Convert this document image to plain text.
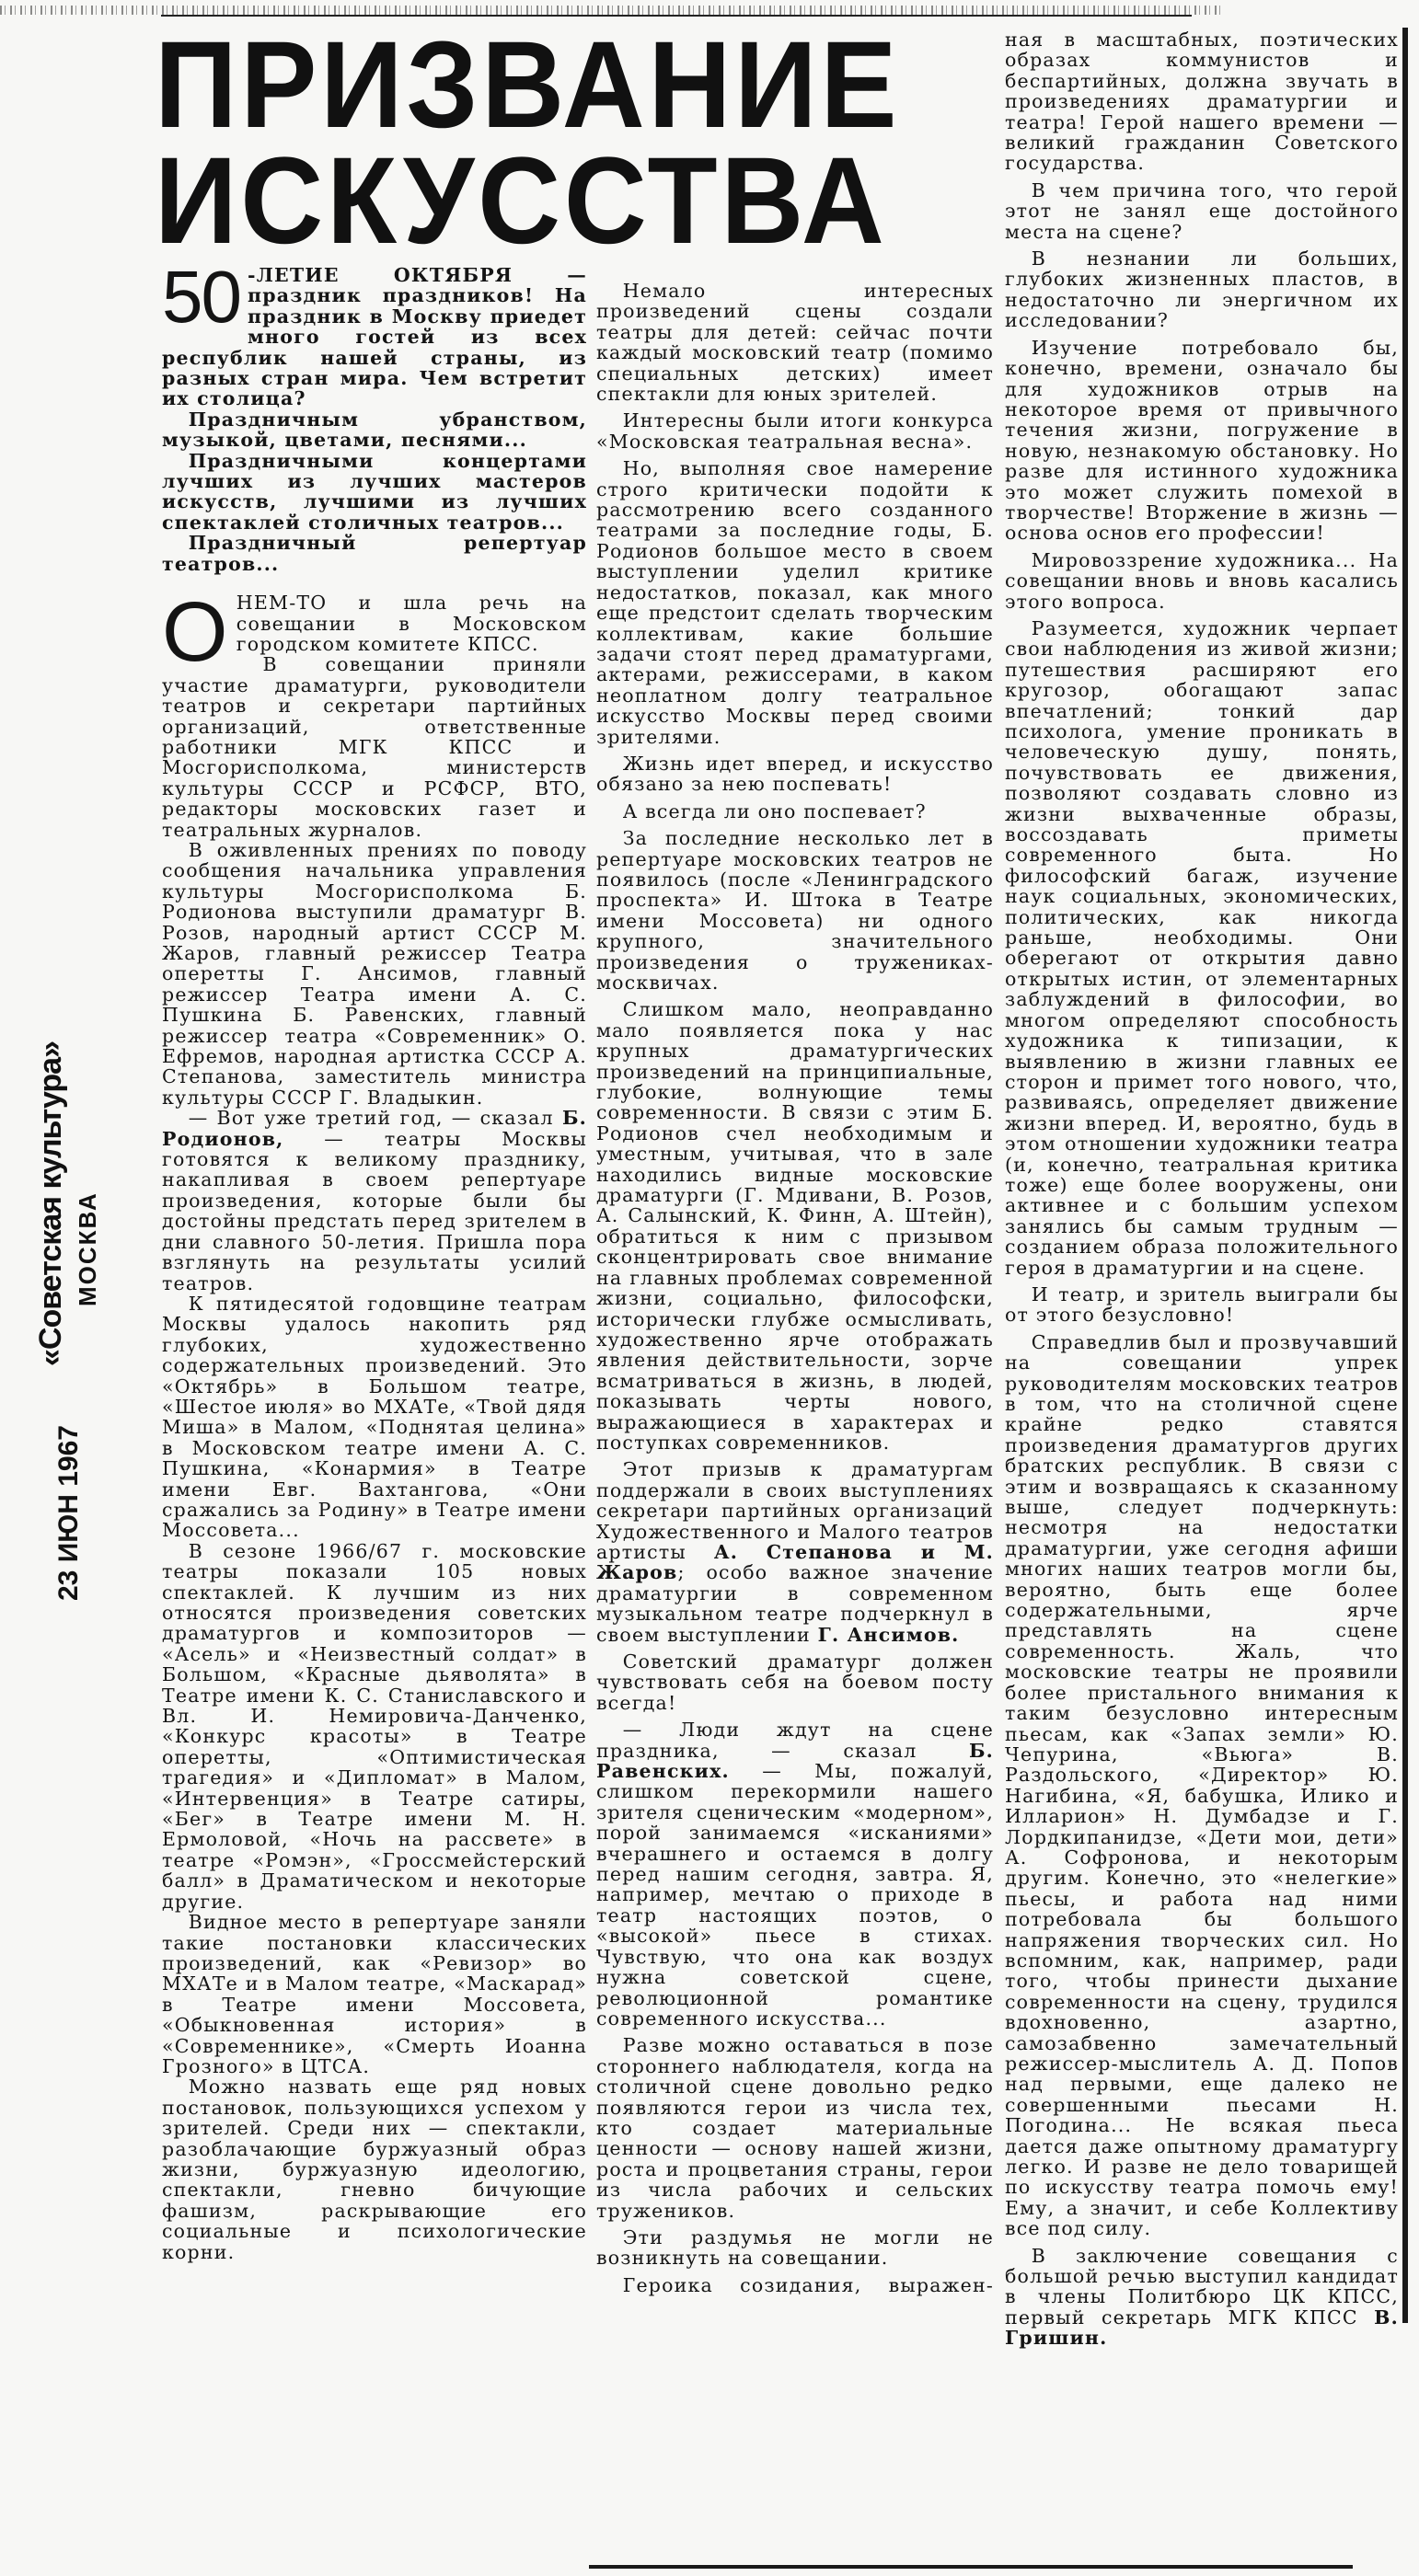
ПРИЗВАНИЕ
ИСКУССТВА
«Советская культура» МОСКВА
23 ИЮН 1967

50 -ЛЕТИЕ ОКТЯБРЯ — праздник праздников! На праздник в Москву приедет много гостей из всех республик нашей страны, из разных стран мира. Чем встретит их столица?

Праздничным убранством, музыкой, цветами, песнями...

Праздничными концертами лучших из лучших мастеров искусств, лучшими из лучших спектаклей столичных театров...

Праздничный репертуар театров...

ОНЕМ-ТО и шла речь на совещании в Московском городском комитете КПСС.

В совещании приняли участие драматурги, руководители театров и секретари партийных организаций, ответственные работники МГК КПСС и Мосгорисполкома, министерств культуры СССР и РСФСР, ВТО, редакторы московских газет и театральных журналов.

В оживленных прениях по поводу сообщения начальника управления культуры Мосгорисполкома Б. Родионова выступили драматург В. Розов, народный артист СССР М. Жаров, главный режиссер Театра оперетты Г. Ансимов, главный режиссер Театра имени А. С. Пушкина Б. Равенских, главный режиссер театра «Современник» О. Ефремов, народная артистка СССР А. Степанова, заместитель министра культуры СССР Г. Владыкин.

— Вот уже третий год, — сказал Б. Родионов, — театры Москвы готовятся к великому празднику, накапливая в своем репертуаре произведения, которые были бы достойны предстать перед зрителем в дни славного 50-летия. Пришла пора взглянуть на результаты усилий театров.

К пятидесятой годовщине театрам Москвы удалось накопить ряд глубоких, художественно содержательных произведений. Это «Октябрь» в Большом театре, «Шестое июля» во МХАТе, «Твой дядя Миша» в Малом, «Поднятая целина» в Московском театре имени А. С. Пушкина, «Конармия» в Театре имени Евг. Вахтангова, «Они сражались за Родину» в Театре имени Моссовета...

В сезоне 1966/67 г. московские театры показали 105 новых спектаклей. К лучшим из них относятся произведения советских драматургов и композиторов — «Асель» и «Неизвестный солдат» в Большом, «Красные дьяволята» в Театре имени К. С. Станиславского и Вл. И. Немировича-Данченко, «Конкурс красоты» в Театре оперетты, «Оптимистическая трагедия» и «Дипломат» в Малом, «Интервенция» в Театре сатиры, «Бег» в Театре имени М. Н. Ермоловой, «Ночь на рассвете» в театре «Ромэн», «Гроссмейстерский балл» в Драматическом и некоторые другие.

Видное место в репертуаре заняли такие постановки классических произведений, как «Ревизор» во МХАТе и в Малом театре, «Маскарад» в Театре имени Моссовета, «Обыкновенная история» в «Современнике», «Смерть Иоанна Грозного» в ЦТСА.

Можно назвать еще ряд новых постановок, пользующихся успехом у зрителей. Среди них — спектакли, разоблачающие буржуазный образ жизни, буржуазную идеологию, спектакли, гневно бичующие фашизм, раскрывающие его социальные и психологические корни.

Немало интересных произведений сцены создали театры для детей: сейчас почти каждый московский театр (помимо специальных детских) имеет спектакли для юных зрителей.

Интересны были итоги конкурса «Московская театральная весна».

Но, выполняя свое намерение строго критически подойти к рассмотрению всего созданного театрами за последние годы, Б. Родионов большое место в своем выступлении уделил критике недостатков, показал, как много еще предстоит сделать творческим коллективам, какие большие задачи стоят перед драматургами, актерами, режиссерами, в каком неоплатном долгу театральное искусство Москвы перед своими зрителями.

Жизнь идет вперед, и искусство обязано за нею поспевать!

А всегда ли оно поспевает?

За последние несколько лет в репертуаре московских театров не появилось (после «Ленинградского проспекта» И. Штока в Театре имени Моссовета) ни одного крупного, значительного произведения о тружениках-москвичах.

Слишком мало, неоправданно мало появляется пока у нас крупных драматургических произведений на принципиальные, глубокие, волнующие темы современности. В связи с этим Б. Родионов счел необходимым и уместным, учитывая, что в зале находились видные московские драматурги (Г. Мдивани, В. Розов, А. Салынский, К. Финн, А. Штейн), обратиться к ним с призывом сконцентрировать свое внимание на главных проблемах современной жизни, социально, философски, исторически глубже осмысливать, художественно ярче отображать явления действительности, зорче всматриваться в жизнь, в людей, показывать черты нового, выражающиеся в характерах и поступках современников.

Этот призыв к драматургам поддержали в своих выступлениях секретари партийных организаций Художественного и Малого театров артисты А. Степанова и М. Жаров; особо важное значение драматургии в современном музыкальном театре подчеркнул в своем выступлении Г. Ансимов.

Советский драматург должен чувствовать себя на боевом посту всегда!

— Люди ждут на сцене праздника, — сказал Б. Равенских. — Мы, пожалуй, слишком перекормили нашего зрителя сценическим «модерном», порой занимаемся «исканиями» вчерашнего и остаемся в долгу перед нашим сегодня, завтра. Я, например, мечтаю о приходе в театр настоящих поэтов, о «высокой» пьесе в стихах. Чувствую, что она как воздух нужна советской сцене, революционной романтике современного искусства...

Разве можно оставаться в позе стороннего наблюдателя, когда на столичной сцене довольно редко появляются герои из числа тех, кто создает материальные ценности — основу нашей жизни, роста и процветания страны, герои из числа рабочих и сельских тружеников.

Эти раздумья не могли не возникнуть на совещании.

Героика созидания, выражен-

ная в масштабных, поэтических образах коммунистов и беспартийных, должна звучать в произведениях драматургии и театра! Герой нашего времени — великий гражданин Советского государства.

В чем причина того, что герой этот не занял еще достойного места на сцене?

В незнании ли больших, глубоких жизненных пластов, в недостаточно ли энергичном их исследовании?

Изучение потребовало бы, конечно, времени, означало бы для художников отрыв на некоторое время от привычного течения жизни, погружение в новую, незнакомую обстановку. Но разве для истинного художника это может служить помехой в творчестве! Вторжение в жизнь — основа основ его профессии!

Мировоззрение художника... На совещании вновь и вновь касались этого вопроса.

Разумеется, художник черпает свои наблюдения из живой жизни; путешествия расширяют его кругозор, обогащают запас впечатлений; тонкий дар психолога, умение проникать в человеческую душу, понять, почувствовать ее движения, позволяют создавать словно из жизни выхваченные образы, воссоздавать приметы современного быта. Но философский багаж, изучение наук социальных, экономических, политических, как никогда раньше, необходимы. Они оберегают от открытия давно открытых истин, от элементарных заблуждений в философии, во многом определяют способность художника к типизации, к выявлению в жизни главных ее сторон и примет того нового, что, развиваясь, определяет движение жизни вперед. И, вероятно, будь в этом отношении художники театра (и, конечно, театральная критика тоже) еще более вооружены, они активнее и с большим успехом занялись бы самым трудным — созданием образа положительного героя в драматургии и на сцене.

И театр, и зритель выиграли бы от этого безусловно!

Справедлив был и прозвучавший на совещании упрек руководителям московских театров в том, что на столичной сцене крайне редко ставятся произведения драматургов других братских республик. В связи с этим и возвращаясь к сказанному выше, следует подчеркнуть: несмотря на недостатки драматургии, уже сегодня афиши многих наших театров могли бы, вероятно, быть еще более содержательными, ярче представлять на сцене современность. Жаль, что московские театры не проявили более пристального внимания к таким безусловно интересным пьесам, как «Запах земли» Ю. Чепурина, «Вьюга» В. Раздольского, «Директор» Ю. Нагибина, «Я, бабушка, Илико и Илларион» Н. Думбадзе и Г. Лордкипанидзе, «Дети мои, дети» А. Софронова, и некоторым другим. Конечно, это «нелегкие» пьесы, и работа над ними потребовала бы большого напряжения творческих сил. Но вспомним, как, например, ради того, чтобы принести дыхание современности на сцену, трудился вдохновенно, азартно, самозабвенно замечательный режиссер-мыслитель А. Д. Попов над первыми, еще далеко не совершенными пьесами Н. Погодина... Не всякая пьеса дается даже опытному драматургу легко. И разве не дело товарищей по искусству театра помочь ему! Ему, а значит, и себе Коллективу все под силу.

В заключение совещания с большой речью выступил кандидат в члены Политбюро ЦК КПСС, первый секретарь МГК КПСС В. Гришин.
